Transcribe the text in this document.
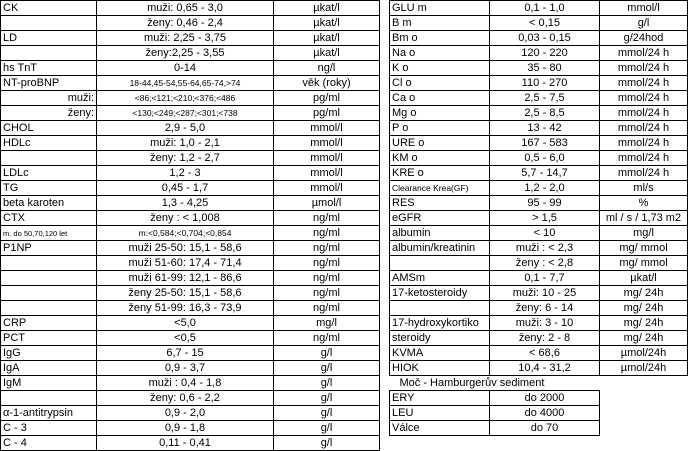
CK	muži: 0,65 - 3,0	µkat/l
	ženy: 0,46 - 2,4	µkat/l
LD	muži: 2,25 - 3,75	µkat/l
	ženy:2,25 - 3,55	µkat/l
hs TnT	0-14	ng/l
NT-proBNP	18-44,45-54,55-64,65-74,>74	věk (roky)
muži:	<86;<121;<210;<376;<486	pg/ml
ženy:	<130;<249;<287;<301;<738	pg/ml
CHOL	2,9 - 5,0	mmol/l
HDLc	muži: 1,0 - 2,1	mmol/l
	ženy: 1,2 - 2,7	mmol/l
LDLc	1,2 - 3	mmol/l
TG	0,45 - 1,7	mmol/l
beta karoten	1,3 - 4,25	µmol/l
CTX	ženy : < 1,008	ng/ml
m. do 50,70,120 let	m:<0,584;<0,704;<0,854	ng/ml
P1NP	muži 25-50: 15,1 - 58,6	ng/ml
	muži 51-60: 17,4 - 71,4	ng/ml
	muži 61-99: 12,1 - 86,6	ng/ml
	ženy 25-50: 15,1 - 58,6	ng/ml
	ženy 51-99: 16,3 - 73,9	ng/ml
CRP	<5,0	mg/l
PCT	<0,5	ng/ml
IgG	6,7 - 15	g/l
IgA	0,9 - 3,7	g/l
IgM	muži : 0,4 - 1,8	g/l
	ženy: 0,6 - 2,2	g/l
α-1-antitrypsin	0,9 - 2,0	g/l
C - 3	0,9 - 1,8	g/l
C - 4	0,11 - 0,41	g/l
GLU m	0,1 - 1,0	mmol/l
B m	< 0,15	g/l
Bm o	0,03 - 0,15	g/24hod
Na o	120 - 220	mmol/24 h
K o	35 - 80	mmol/24 h
Cl o	110 - 270	mmol/24 h
Ca o	2,5 - 7,5	mmol/24 h
Mg o	2,5 - 8,5	mmol/24 h
P o	13 - 42	mmol/24 h
URE o	167 - 583	mmol/24 h
KM o	0,5 - 6,0	mmol/24 h
KRE o	5,7 - 14,7	mmol/24 h
Clearance Krea(GF)	1,2 - 2,0	ml/s
RES	95 - 99	%
eGFR	> 1,5	ml / s / 1,73 m2
albumin	< 10	mg/l
albumin/kreatinin	muži : < 2,3	mg/ mmol
	ženy : < 2,8	mg/ mmol
AMSm	0,1 - 7,7	µkat/l
17-ketosteroidy	muži: 10 - 25	mg/ 24h
	ženy: 6 - 14	mg/ 24h
17-hydroxykortiko	muži: 3 - 10	mg/ 24h
steroidy	ženy: 2 - 8	mg/ 24h
KVMA	< 68,6	µmol/24h
HIOK	10,4 - 31,2	µmol/24h
Moč - Hamburgerův sediment		
ERY	do 2000	
LEU	do 4000	
Válce	do 70	
